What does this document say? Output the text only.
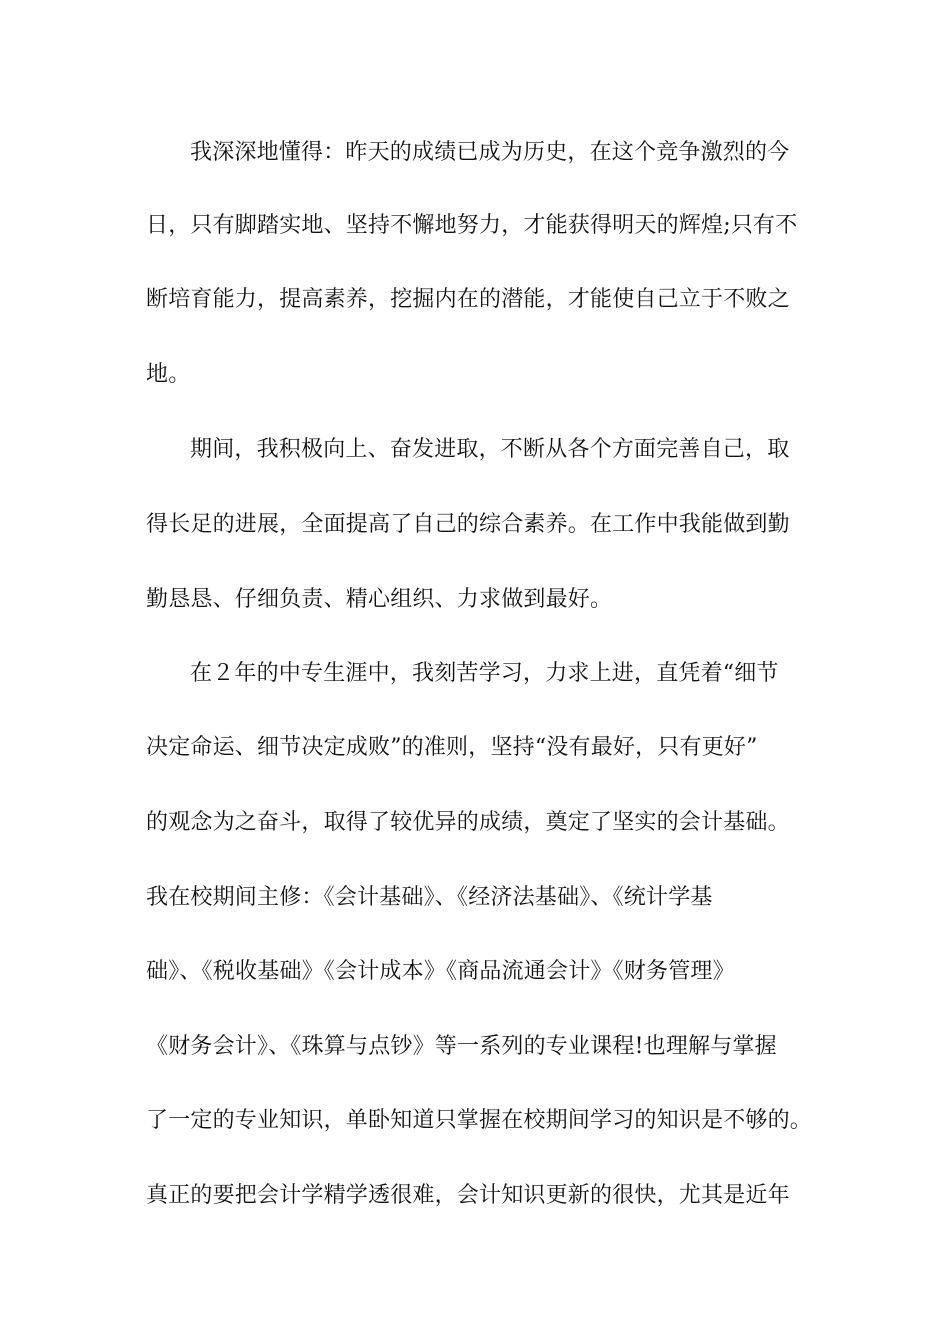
我深深地懂得：昨天的成绩已成为历史，在这个竞争激烈的今
日，只有脚踏实地、坚持不懈地努力，才能获得明天的辉煌;只有不
断培育能力，提高素养，挖掘内在的潜能，才能使自己立于不败之
地。
期间，我积极向上、奋发进取，不断从各个方面完善自己，取
得长足的进展，全面提高了自己的综合素养。在工作中我能做到勤
勤恳恳、仔细负责、精心组织、力求做到最好。
在２年的中专生涯中，我刻苦学习，力求上进，直凭着“细节
决定命运、细节决定成败”的准则，坚持“没有最好，只有更好”
的观念为之奋斗，取得了较优异的成绩，奠定了坚实的会计基础。
我在校期间主修：《会计基础》、《经济法基础》、《统计学基
础》、《税收基础》《会计成本》《商品流通会计》《财务管理》
《财务会计》、《珠算与点钞》等一系列的专业课程!也理解与掌握
了一定的专业知识，单卧知道只掌握在校期间学习的知识是不够的。
真正的要把会计学精学透很难，会计知识更新的很快，尤其是近年
